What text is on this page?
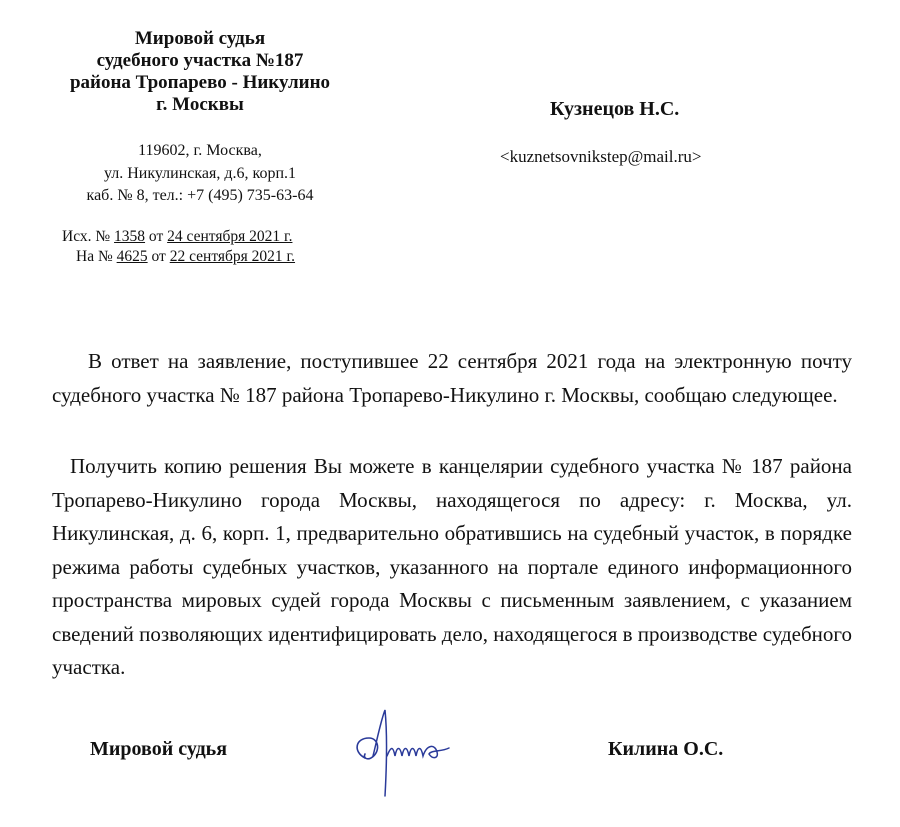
Мировой судья
судебного участка №187
района Тропарево - Никулино
г. Москвы
119602, г. Москва,
ул. Никулинская, д.6, корп.1
каб. № 8, тел.: +7 (495) 735-63-64
Исх. № 1358 от 24 сентября 2021 г.
На № 4625 от 22 сентября 2021 г.
Кузнецов Н.С.
<kuznetsovnikstep@mail.ru>

В ответ на заявление, поступившее 22 сентября 2021 года на электронную почту судебного участка № 187 района Тропарево-Никулино г. Москвы, сообщаю следующее.

Получить копию решения Вы можете в канцелярии судебного участка № 187 района Тропарево-Никулино города Москвы, находящегося по адресу: г. Москва, ул. Никулинская, д. 6, корп. 1, предварительно обратившись на судебный участок, в порядке режима работы судебных участков, указанного на портале единого информационного пространства мировых судей города Москвы с письменным заявлением, с указанием сведений позволяющих идентифицировать дело, находящегося в производстве судебного участка.

Мировой судья	Килина О.С.
